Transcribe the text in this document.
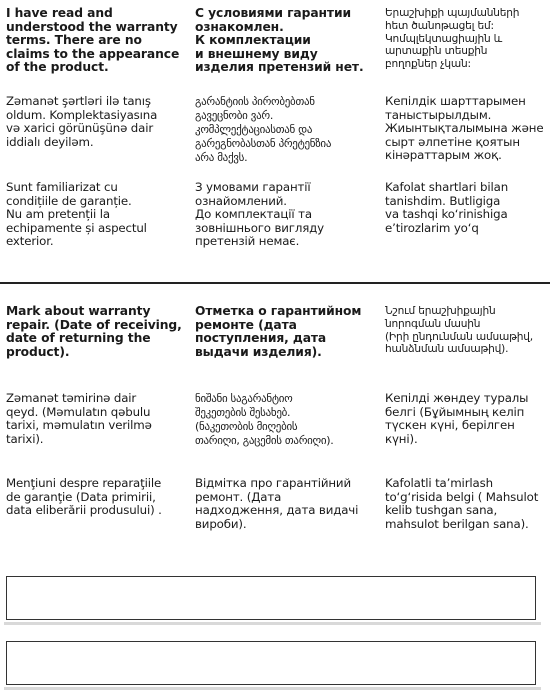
I have read and
understood the warranty
terms. There are no
claims to the appearance
of the product.
С условиями гарантии
ознакомлен.
К комплектации
и внешнему виду
изделия претензий нет.
Երաշխիքի պայմանների
հետ ծանոթացել եմ:
Կոմպլեկտացիային և
արտաքին տեսքին
բողոքներ չկան:
Zəmanət şərtləri ilə tanış
oldum. Komplektasiyasına
və xarici görünüşünə dair
iddialı deyiləm.
გარანტიის პირობებთან
გავეცნობი ვარ.
კომპლექტაციასთან და
გარეგნობასთან პრეტენზია
არა მაქვს.
Кепілдік шарттарымен
таныстырылдым.
Жиынтықталымына және
сырт әлпетіне қоятын
кінәраттарым жоқ.
Sunt familiarizat cu
condițiile de garanție.
Nu am pretenții la
echipamente și aspectul
exterior.
З умовами гарантії
ознайомлений.
До комплектації та
зовнішнього вигляду
претензій немає.
Kafolat shartlari bilan
tanishdim. Butligiga
va tashqi ko‘rinishiga
e’tirozlarim yo‘q
Mark about warranty
repair. (Date of receiving,
date of returning the
product).
Отметка о гарантийном
ремонте (дата
поступления, дата
выдачи изделия).
Նշում երաշխիքային
նորոգման մասին
(Իրի ընդունման ամսաթիվ,
հանձնման ամսաթիվ).
Zəmanət təmirinə dair
qeyd. (Məmulatın qəbulu
tarixi, məmulatın verilmə
tarixi).
ნიშანი საგარანტიო
შეკეთების შესახებ.
(ნაკეთობის მიღების
თარიღი, გაცემის თარიღი).
Кепілді жөндеу туралы
белгі (Бұйымның келіп
түскен күні, берілген күні).
Menţiuni despre reparaţiile
de garanţie (Data primirii,
data eliberării produsului) .
Відмітка про гарантійний
ремонт. (Дата
надходження, дата видачі
вироби).
Kafolatli ta’mirlash
to‘g‘risida belgi ( Mahsulot
kelib tushgan sana,
mahsulot berilgan sana).
